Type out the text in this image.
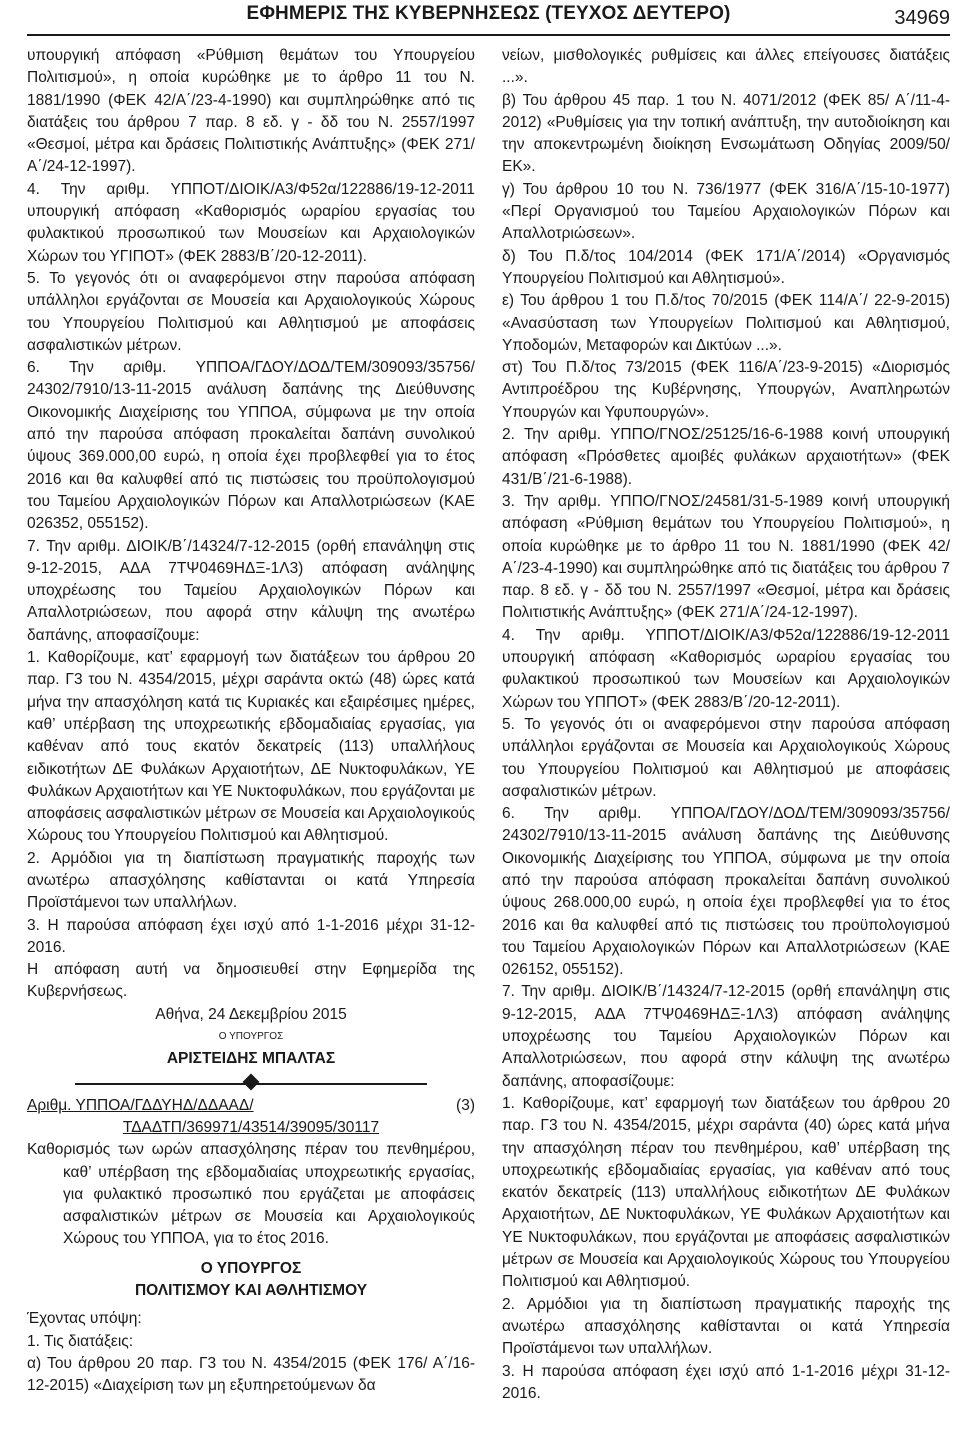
ΕΦΗΜΕΡΙΣ ΤΗΣ ΚΥΒΕΡΝΗΣΕΩΣ (ΤΕΥΧΟΣ ΔΕΥΤΕΡΟ)	34969

υπουργική απόφαση «Ρύθμιση θεμάτων του Υπουργείου Πολιτισμού», η οποία κυρώθηκε με το άρθρο 11 του Ν. 1881/1990 (ΦΕΚ 42/Α΄/23-4-1990) και συμπληρώθηκε από τις διατάξεις του άρθρου 7 παρ. 8 εδ. γ - δδ του Ν. 2557/1997 «Θεσμοί, μέτρα και δράσεις Πολιτιστικής Ανάπτυξης» (ΦΕΚ 271/Α΄/24-12-1997).

4. Την αριθμ. ΥΠΠΟΤ/ΔΙΟΙΚ/Α3/Φ52α/122886/19-12-2011 υπουργική απόφαση «Καθορισμός ωραρίου εργασίας του φυλακτικού προσωπικού των Μουσείων και Αρχαιολογικών Χώρων του ΥΓΙΠΟΤ» (ΦΕΚ 2883/Β΄/20-12-2011).

5. Το γεγονός ότι οι αναφερόμενοι στην παρούσα απόφαση υπάλληλοι εργάζονται σε Μουσεία και Αρχαιολογικούς Χώρους του Υπουργείου Πολιτισμού και Αθλητισμού με αποφάσεις ασφαλιστικών μέτρων.

6. Την αριθμ. ΥΠΠΟΑ/ΓΔΟΥ/ΔΟΔ/ΤΕΜ/309093/35756/ 24302/7910/13-11-2015 ανάλυση δαπάνης της Διεύθυνσης Οικονομικής Διαχείρισης του ΥΠΠΟΑ, σύμφωνα με την οποία από την παρούσα απόφαση προκαλείται δαπάνη συνολικού ύψους 369.000,00 ευρώ, η οποία έχει προβλεφθεί για το έτος 2016 και θα καλυφθεί από τις πιστώσεις του προϋπολογισμού του Ταμείου Αρχαιολογικών Πόρων και Απαλλοτριώσεων (ΚΑΕ 026352, 055152).

7. Την αριθμ. ΔΙΟΙΚ/Β΄/14324/7-12-2015 (ορθή επανάληψη στις 9-12-2015, ΑΔΑ 7ΤΨ0469ΗΔΞ-1Λ3) απόφαση ανάληψης υποχρέωσης του Ταμείου Αρχαιολογικών Πόρων και Απαλλοτριώσεων, που αφορά στην κάλυψη της ανωτέρω δαπάνης, αποφασίζουμε:

1. Καθορίζουμε, κατ’ εφαρμογή των διατάξεων του άρθρου 20 παρ. Γ3 του Ν. 4354/2015, μέχρι σαράντα οκτώ (48) ώρες κατά μήνα την απασχόληση κατά τις Κυριακές και εξαιρέσιμες ημέρες, καθ’ υπέρβαση της υποχρεωτικής εβδομαδιαίας εργασίας, για καθέναν από τους εκατόν δεκατρείς (113) υπαλλήλους ειδικοτήτων ΔΕ Φυλάκων Αρχαιοτήτων, ΔΕ Νυκτοφυλάκων, ΥΕ Φυλάκων Αρχαιοτήτων και ΥΕ Νυκτοφυλάκων, που εργάζονται με αποφάσεις ασφαλιστικών μέτρων σε Μουσεία και Αρχαιολογικούς Χώρους του Υπουργείου Πολιτισμού και Αθλητισμού.

2. Αρμόδιοι για τη διαπίστωση πραγματικής παροχής των ανωτέρω απασχόλησης καθίστανται οι κατά Υπηρεσία Προϊστάμενοι των υπαλλήλων.

3. Η παρούσα απόφαση έχει ισχύ από 1-1-2016 μέχρι 31-12-2016.

Η απόφαση αυτή να δημοσιευθεί στην Εφημερίδα της Κυβερνήσεως.

Αθήνα, 24 Δεκεμβρίου 2015

Ο ΥΠΟΥΡΓΟΣ

ΑΡΙΣΤΕΙΔΗΣ ΜΠΑΛΤΑΣ

Αριθμ. ΥΠΠΟΑ/ΓΔΔΥΗΔ/ΔΔΑΑΔ/	(3)

ΤΔΑΔΤΠ/369971/43514/39095/30117

Καθορισμός των ωρών απασχόλησης πέραν του πενθημέρου, καθ’ υπέρβαση της εβδομαδιαίας υποχρεωτικής εργασίας, για φυλακτικό προσωπικό που εργάζεται με αποφάσεις ασφαλιστικών μέτρων σε Μουσεία και Αρχαιολογικούς Χώρους του ΥΠΠΟΑ, για το έτος 2016.

Ο ΥΠΟΥΡΓΟΣ

ΠΟΛΙΤΙΣΜΟΥ ΚΑΙ ΑΘΛΗΤΙΣΜΟΥ

Έχοντας υπόψη:

1. Τις διατάξεις:

α) Του άρθρου 20 παρ. Γ3 του Ν. 4354/2015 (ΦΕΚ 176/ Α΄/16-12-2015) «Διαχείριση των μη εξυπηρετούμενων δα

νείων, μισθολογικές ρυθμίσεις και άλλες επείγουσες διατάξεις ...».

β) Του άρθρου 45 παρ. 1 του Ν. 4071/2012 (ΦΕΚ 85/ Α΄/11-4-2012) «Ρυθμίσεις για την τοπική ανάπτυξη, την αυτοδιοίκηση και την αποκεντρωμένη διοίκηση Ενσωμάτωση Οδηγίας 2009/50/ΕΚ».

γ) Του άρθρου 10 του Ν. 736/1977 (ΦΕΚ 316/Α΄/15-10-1977) «Περί Οργανισμού του Ταμείου Αρχαιολογικών Πόρων και Απαλλοτριώσεων».

δ) Του Π.δ/τος 104/2014 (ΦΕΚ 171/Α΄/2014) «Οργανισμός Υπουργείου Πολιτισμού και Αθλητισμού».

ε) Του άρθρου 1 του Π.δ/τος 70/2015 (ΦΕΚ 114/Α΄/ 22-9-2015) «Ανασύσταση των Υπουργείων Πολιτισμού και Αθλητισμού, Υποδομών, Μεταφορών και Δικτύων ...».

στ) Του Π.δ/τος 73/2015 (ΦΕΚ 116/Α΄/23-9-2015) «Διορισμός Αντιπροέδρου της Κυβέρνησης, Υπουργών, Αναπληρωτών Υπουργών και Υφυπουργών».

2. Την αριθμ. ΥΠΠΟ/ΓΝΟΣ/25125/16-6-1988 κοινή υπουργική απόφαση «Πρόσθετες αμοιβές φυλάκων αρχαιοτήτων» (ΦΕΚ 431/Β΄/21-6-1988).

3. Την αριθμ. ΥΠΠΟ/ΓΝΟΣ/24581/31-5-1989 κοινή υπουργική απόφαση «Ρύθμιση θεμάτων του Υπουργείου Πολιτισμού», η οποία κυρώθηκε με το άρθρο 11 του Ν. 1881/1990 (ΦΕΚ 42/Α΄/23-4-1990) και συμπληρώθηκε από τις διατάξεις του άρθρου 7 παρ. 8 εδ. γ - δδ του Ν. 2557/1997 «Θεσμοί, μέτρα και δράσεις Πολιτιστικής Ανάπτυξης» (ΦΕΚ 271/Α΄/24-12-1997).

4. Την αριθμ. ΥΠΠΟΤ/ΔΙΟΙΚ/Α3/Φ52α/122886/19-12-2011 υπουργική απόφαση «Καθορισμός ωραρίου εργασίας του φυλακτικού προσωπικού των Μουσείων και Αρχαιολογικών Χώρων του ΥΠΠΟΤ» (ΦΕΚ 2883/Β΄/20-12-2011).

5. Το γεγονός ότι οι αναφερόμενοι στην παρούσα απόφαση υπάλληλοι εργάζονται σε Μουσεία και Αρχαιολογικούς Χώρους του Υπουργείου Πολιτισμού και Αθλητισμού με αποφάσεις ασφαλιστικών μέτρων.

6. Την αριθμ. ΥΠΠΟΑ/ΓΔΟΥ/ΔΟΔ/ΤΕΜ/309093/35756/ 24302/7910/13-11-2015 ανάλυση δαπάνης της Διεύθυνσης Οικονομικής Διαχείρισης του ΥΠΠΟΑ, σύμφωνα με την οποία από την παρούσα απόφαση προκαλείται δαπάνη συνολικού ύψους 268.000,00 ευρώ, η οποία έχει προβλεφθεί για το έτος 2016 και θα καλυφθεί από τις πιστώσεις του προϋπολογισμού του Ταμείου Αρχαιολογικών Πόρων και Απαλλοτριώσεων (ΚΑΕ 026152, 055152).

7. Την αριθμ. ΔΙΟΙΚ/Β΄/14324/7-12-2015 (ορθή επανάληψη στις 9-12-2015, ΑΔΑ 7ΤΨ0469ΗΔΞ-1Λ3) απόφαση ανάληψης υποχρέωσης του Ταμείου Αρχαιολογικών Πόρων και Απαλλοτριώσεων, που αφορά στην κάλυψη της ανωτέρω δαπάνης, αποφασίζουμε:

1. Καθορίζουμε, κατ’ εφαρμογή των διατάξεων του άρθρου 20 παρ. Γ3 του Ν. 4354/2015, μέχρι σαράντα (40) ώρες κατά μήνα την απασχόληση πέραν του πενθημέρου, καθ’ υπέρβαση της υποχρεωτικής εβδομαδιαίας εργασίας, για καθέναν από τους εκατόν δεκατρείς (113) υπαλλήλους ειδικοτήτων ΔΕ Φυλάκων Αρχαιοτήτων, ΔΕ Νυκτοφυλάκων, ΥΕ Φυλάκων Αρχαιοτήτων και ΥΕ Νυκτοφυλάκων, που εργάζονται με αποφάσεις ασφαλιστικών μέτρων σε Μουσεία και Αρχαιολογικούς Χώρους του Υπουργείου Πολιτισμού και Αθλητισμού.

2. Αρμόδιοι για τη διαπίστωση πραγματικής παροχής της ανωτέρω απασχόλησης καθίστανται οι κατά Υπηρεσία Προϊστάμενοι των υπαλλήλων.

3. Η παρούσα απόφαση έχει ισχύ από 1-1-2016 μέχρι 31-12-2016.
